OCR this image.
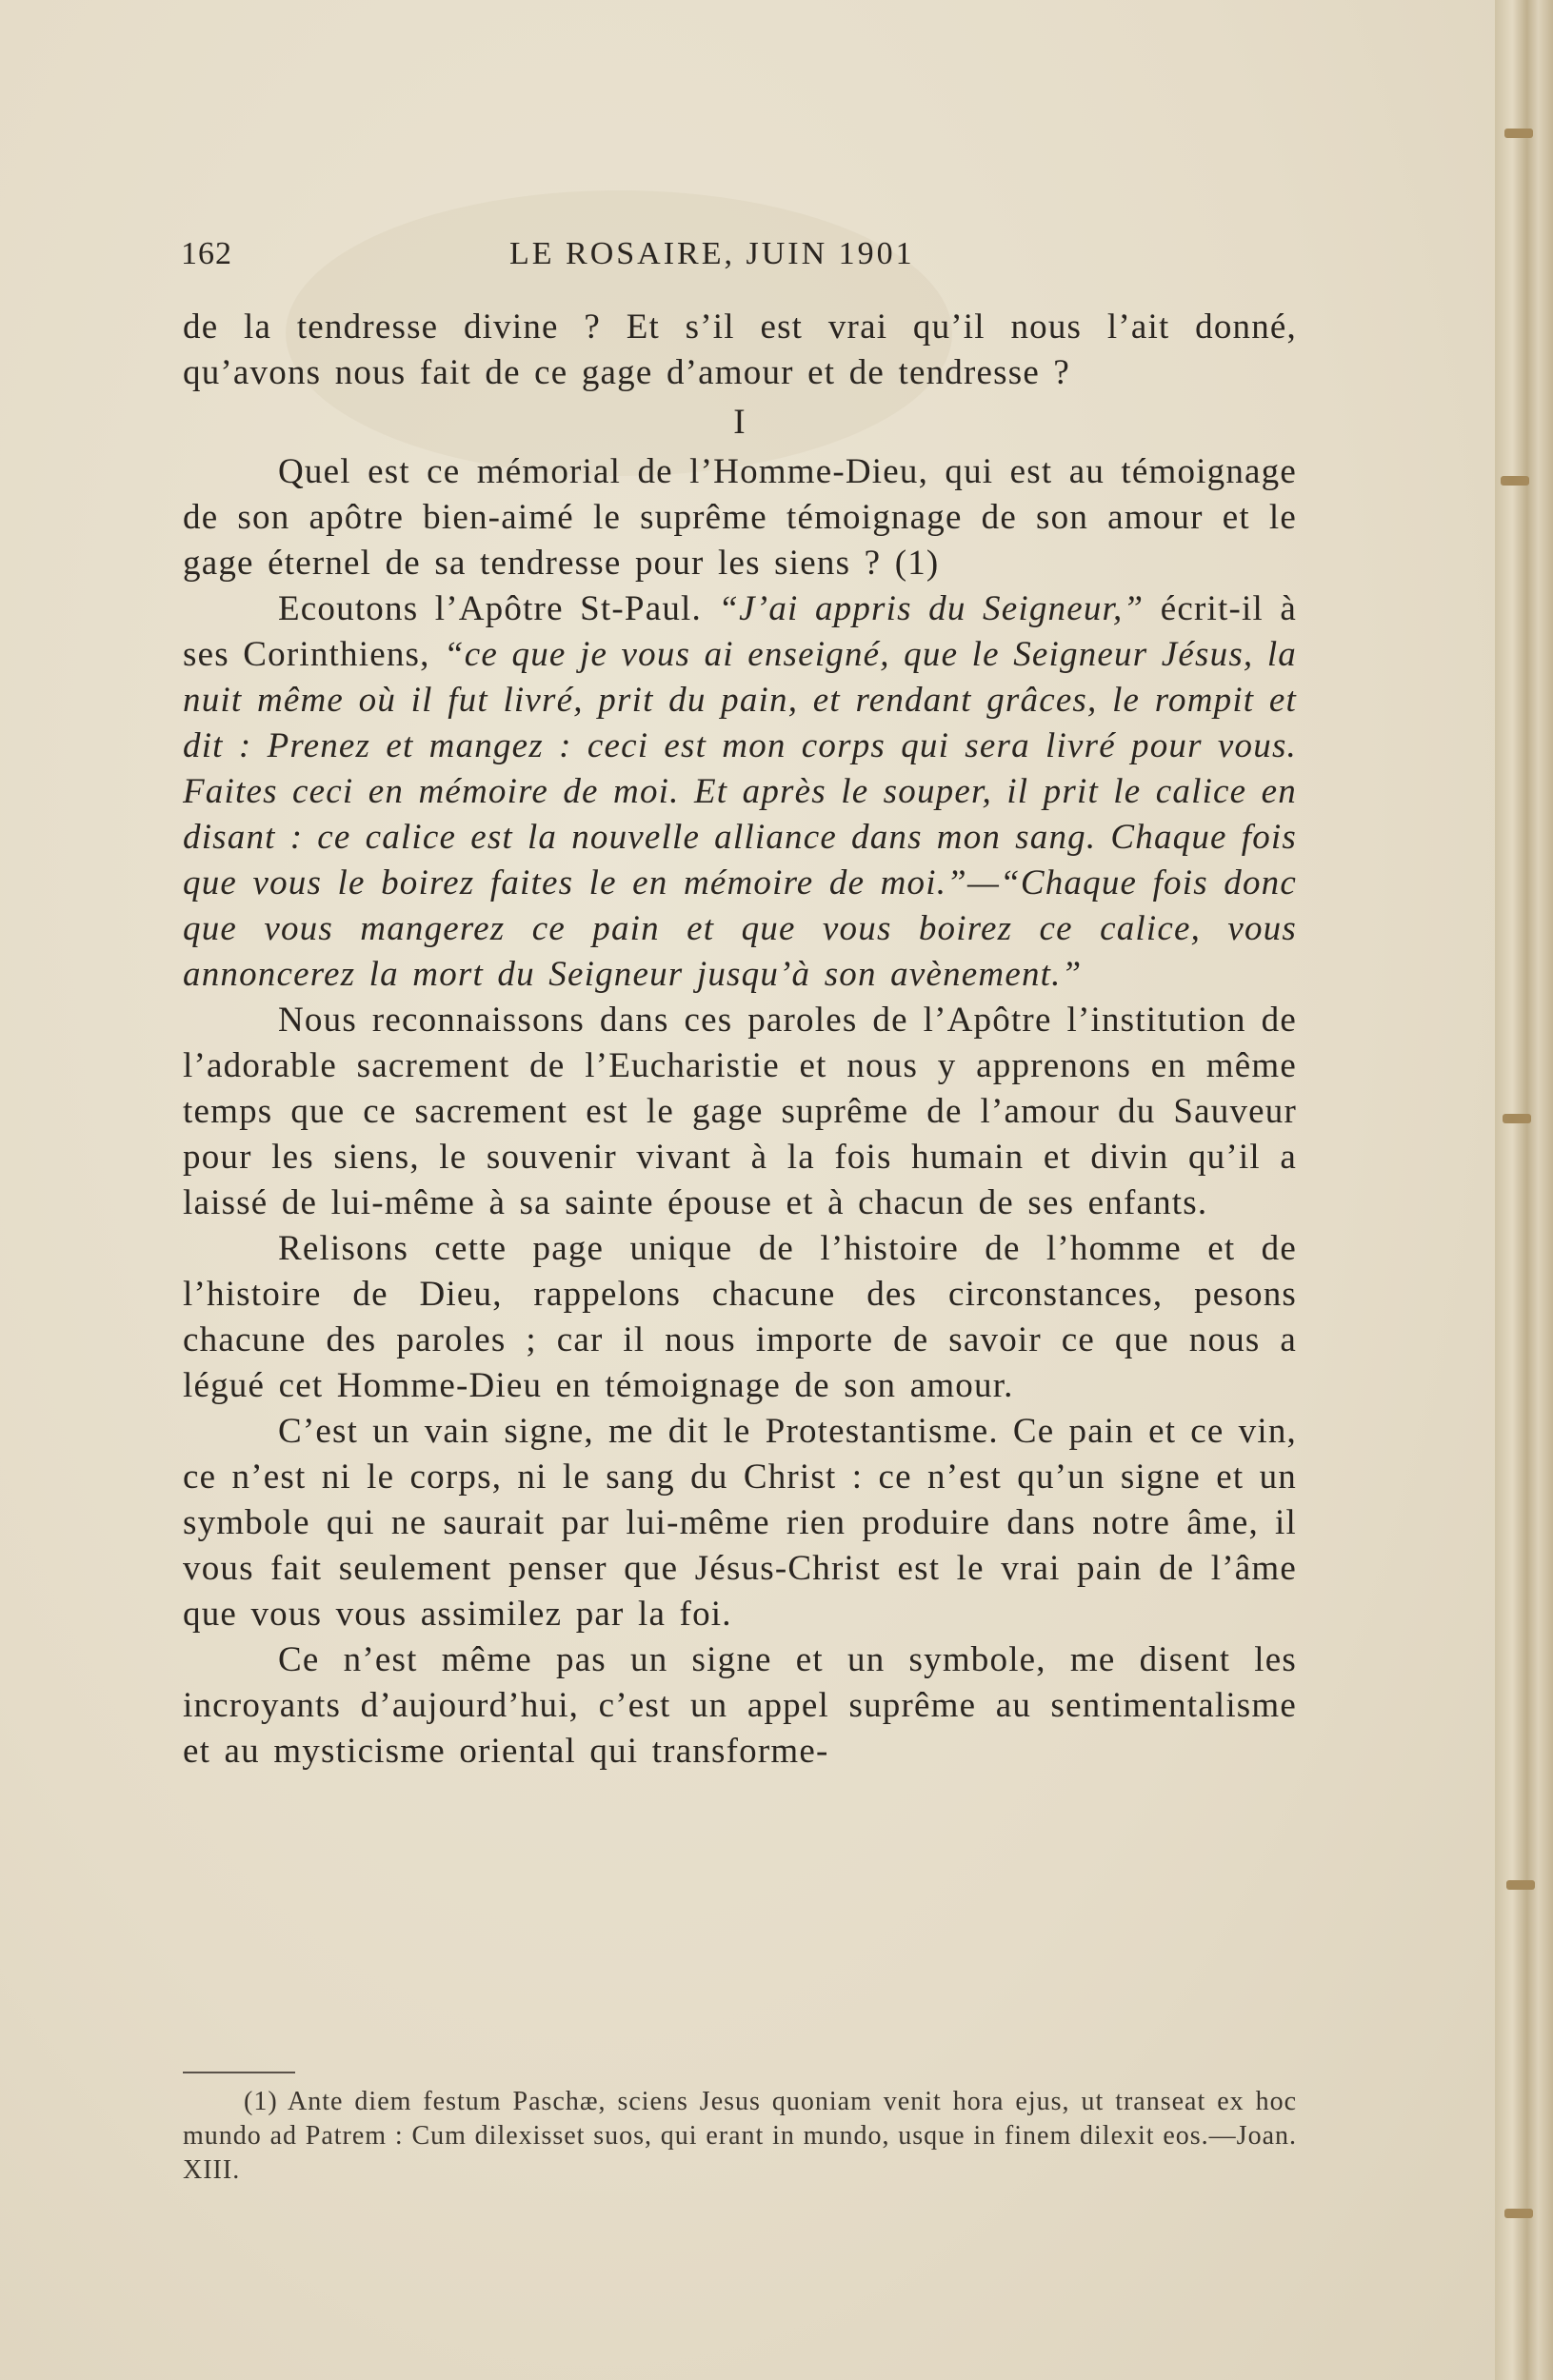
162	LE ROSAIRE, JUIN 1901

de la tendresse divine ? Et s’il est vrai qu’il nous l’ait donné, qu’avons nous fait de ce gage d’amour et de tendresse ?

I

Quel est ce mémorial de l’Homme-Dieu, qui est au témoignage de son apôtre bien-aimé le suprême témoignage de son amour et le gage éternel de sa tendresse pour les siens ? (1)

Ecoutons l’Apôtre St-Paul. “J’ai appris du Seigneur,” écrit-il à ses Corinthiens, “ce que je vous ai enseigné, que le Seigneur Jésus, la nuit même où il fut livré, prit du pain, et rendant grâces, le rompit et dit : Prenez et mangez : ceci est mon corps qui sera livré pour vous. Faites ceci en mémoire de moi. Et après le souper, il prit le calice en disant : ce calice est la nouvelle alliance dans mon sang. Chaque fois que vous le boirez faites le en mémoire de moi.”—“Chaque fois donc que vous mangerez ce pain et que vous boirez ce calice, vous annoncerez la mort du Seigneur jusqu’à son avènement.”

Nous reconnaissons dans ces paroles de l’Apôtre l’institution de l’adorable sacrement de l’Eucharistie et nous y apprenons en même temps que ce sacrement est le gage suprême de l’amour du Sauveur pour les siens, le souvenir vivant à la fois humain et divin qu’il a laissé de lui-même à sa sainte épouse et à chacun de ses enfants.

Relisons cette page unique de l’histoire de l’homme et de l’histoire de Dieu, rappelons chacune des circonstances, pesons chacune des paroles ; car il nous importe de savoir ce que nous a légué cet Homme-Dieu en témoignage de son amour.

C’est un vain signe, me dit le Protestantisme. Ce pain et ce vin, ce n’est ni le corps, ni le sang du Christ : ce n’est qu’un signe et un symbole qui ne saurait par lui-même rien produire dans notre âme, il vous fait seulement penser que Jésus-Christ est le vrai pain de l’âme que vous vous assimilez par la foi.

Ce n’est même pas un signe et un symbole, me disent les incroyants d’aujourd’hui, c’est un appel suprême au sentimentalisme et au mysticisme oriental qui transforme-

(1) Ante diem festum Paschæ, sciens Jesus quoniam venit hora ejus, ut transeat ex hoc mundo ad Patrem : Cum dilexisset suos, qui erant in mundo, usque in finem dilexit eos.—Joan. XIII.
